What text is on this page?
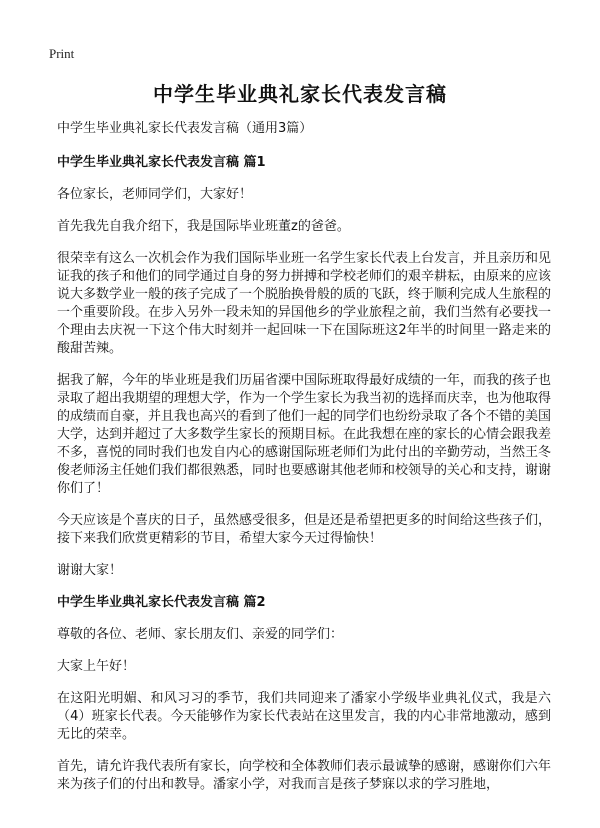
Print
中学生毕业典礼家长代表发言稿

中学生毕业典礼家长代表发言稿（通用3篇）

中学生毕业典礼家长代表发言稿 篇1

各位家长，老师同学们，大家好！

首先我先自我介绍下，我是国际毕业班董z的爸爸。

很荣幸有这么一次机会作为我们国际毕业班一名学生家长代表上台发言，并且亲历和见证我的孩子和他们的同学通过自身的努力拼搏和学校老师们的艰辛耕耘，由原来的应该说大多数学业一般的孩子完成了一个脱胎换骨般的质的飞跃，终于顺利完成人生旅程的一个重要阶段。在步入另外一段未知的异国他乡的学业旅程之前，我们当然有必要找一个理由去庆祝一下这个伟大时刻并一起回味一下在国际班这2年半的时间里一路走来的酸甜苦辣。

据我了解，今年的毕业班是我们历届省溧中国际班取得最好成绩的一年，而我的孩子也录取了超出我期望的理想大学，作为一个学生家长为我当初的选择而庆幸，也为他取得的成绩而自豪，并且我也高兴的看到了他们一起的同学们也纷纷录取了各个不错的美国大学，达到并超过了大多数学生家长的预期目标。在此我想在座的家长的心情会跟我差不多，喜悦的同时我们也发自内心的感谢国际班老师们为此付出的辛勤劳动，当然王冬俊老师汤主任她们我们都很熟悉，同时也要感谢其他老师和校领导的关心和支持，谢谢你们了！

今天应该是个喜庆的日子，虽然感受很多，但是还是希望把更多的时间给这些孩子们，接下来我们欣赏更精彩的节目，希望大家今天过得愉快！

谢谢大家！

中学生毕业典礼家长代表发言稿 篇2

尊敬的各位、老师、家长朋友们、亲爱的同学们：

大家上午好！

在这阳光明媚、和风习习的季节，我们共同迎来了潘家小学级毕业典礼仪式，我是六（4）班家长代表。今天能够作为家长代表站在这里发言，我的内心非常地激动，感到无比的荣幸。

首先，请允许我代表所有家长，向学校和全体教师们表示最诚挚的感谢，感谢你们六年来为孩子们的付出和教导。潘家小学，对我而言是孩子梦寐以求的学习胜地，
